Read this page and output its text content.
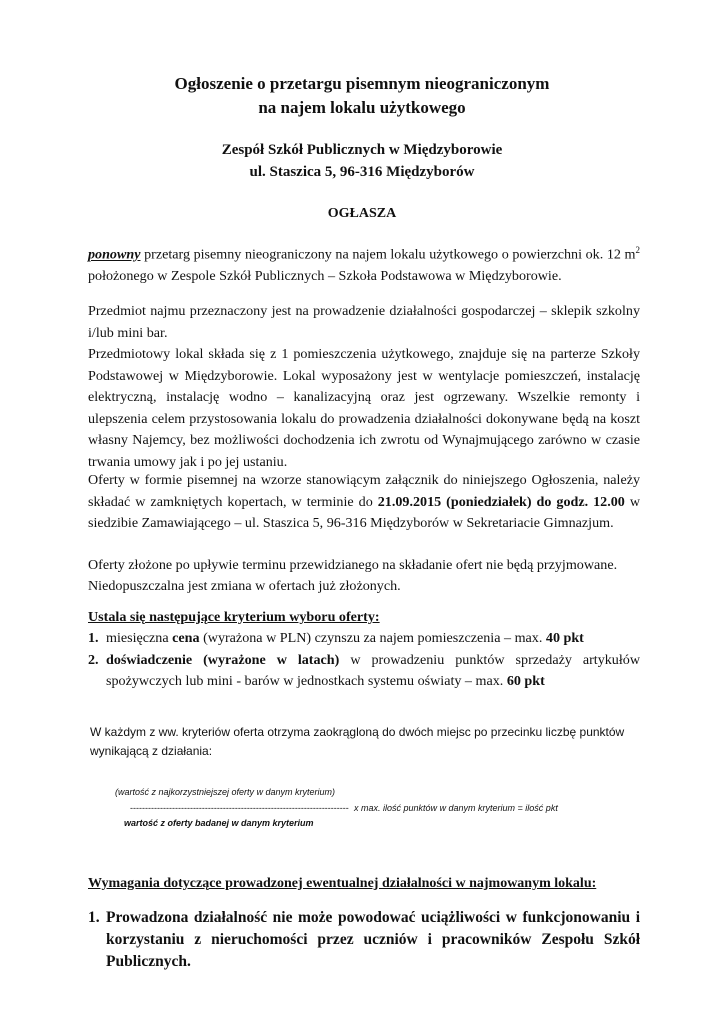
Ogłoszenie o przetargu pisemnym nieograniczonym
na najem lokalu użytkowego
Zespół Szkół Publicznych w Międzyborowie
ul. Staszica 5, 96-316 Międzyborów
OGŁASZA

ponowny przetarg pisemny nieograniczony na najem lokalu użytkowego o powierzchni ok. 12 $m^2$ położonego w Zespole Szkół Publicznych – Szkoła Podstawowa w Międzyborowie.

Przedmiot najmu przeznaczony jest na prowadzenie działalności gospodarczej – sklepik szkolny i/lub mini bar.

Przedmiotowy lokal składa się z 1 pomieszczenia użytkowego, znajduje się na parterze Szkoły Podstawowej w Międzyborowie. Lokal wyposażony jest w wentylacje pomieszczeń, instalację elektryczną, instalację wodno – kanalizacyjną oraz jest ogrzewany. Wszelkie remonty i ulepszenia celem przystosowania lokalu do prowadzenia działalności dokonywane będą na koszt własny Najemcy, bez możliwości dochodzenia ich zwrotu od Wynajmującego zarówno w czasie trwania umowy jak i po jej ustaniu.

Oferty w formie pisemnej na wzorze stanowiącym załącznik do niniejszego Ogłoszenia, należy składać w zamkniętych kopertach, w terminie do 21.09.2015 (poniedziałek) do godz. 12.00 w siedzibie Zamawiającego – ul. Staszica 5, 96-316 Międzyborów w Sekretariacie Gimnazjum.

Oferty złożone po upływie terminu przewidzianego na składanie ofert nie będą przyjmowane.

Niedopuszczalna jest zmiana w ofertach już złożonych.

Ustala się następujące kryterium wyboru oferty:

1. miesięczna cena (wyrażona w PLN) czynszu za najem pomieszczenia – max. 40 pkt
2. doświadczenie (wyrażone w latach) w prowadzeniu punktów sprzedaży artykułów spożywczych lub mini - barów w jednostkach systemu oświaty – max. 60 pkt

W każdym z ww. kryteriów oferta otrzyma zaokrągloną do dwóch miejsc po przecinku liczbę punktów wynikającą z działania:

(wartość z najkorzystniejszej oferty w danym kryterium)
------------------------------------------------------------------------- x max. ilość punktów w danym kryterium = ilość pkt
wartość z oferty badanej w danym kryterium

Wymagania dotyczące prowadzonej ewentualnej działalności w najmowanym lokalu:

1. Prowadzona działalność nie może powodować uciążliwości w funkcjonowaniu i korzystaniu z nieruchomości przez uczniów i pracowników Zespołu Szkół Publicznych.
